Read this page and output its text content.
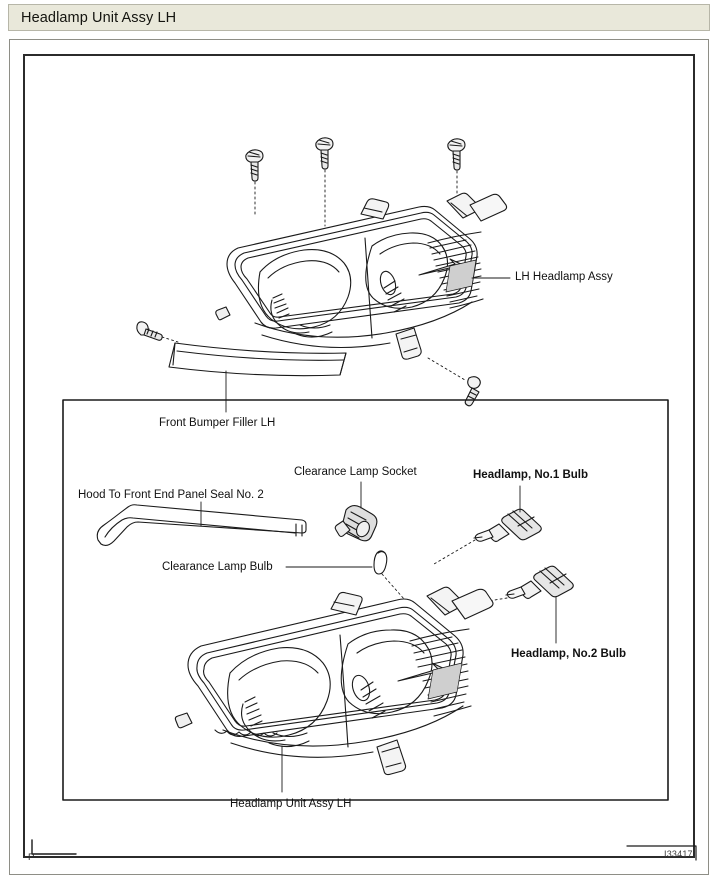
Headlamp Unit Assy LH
LH Headlamp Assy
Front Bumper Filler LH
Hood To Front End Panel Seal No. 2
Clearance Lamp Socket	Headlamp, No.1 Bulb
Clearance Lamp Bulb
Headlamp, No.2 Bulb
Headlamp Unit Assy LH
P	I33417
